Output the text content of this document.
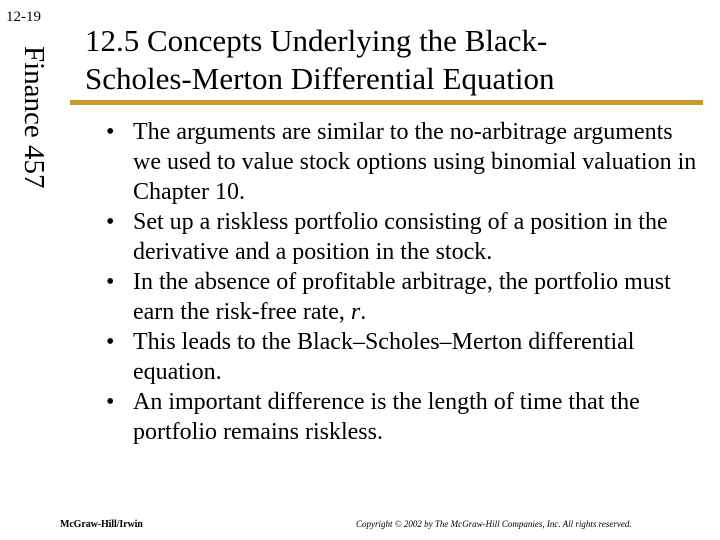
12-19
Finance 457
12.5 Concepts Underlying the Black-
Scholes-Merton Differential Equation
• The arguments are similar to the no-arbitrage arguments we used to value stock options using binomial valuation in Chapter 10.
• Set up a riskless portfolio consisting of a position in the derivative and a position in the stock.
• In the absence of profitable arbitrage, the portfolio must earn the risk-free rate, r.
• This leads to the Black–Scholes–Merton differential equation.
• An important difference is the length of time that the portfolio remains riskless.
McGraw-Hill/Irwin	Copyright © 2002 by The McGraw-Hill Companies, Inc. All rights reserved.
